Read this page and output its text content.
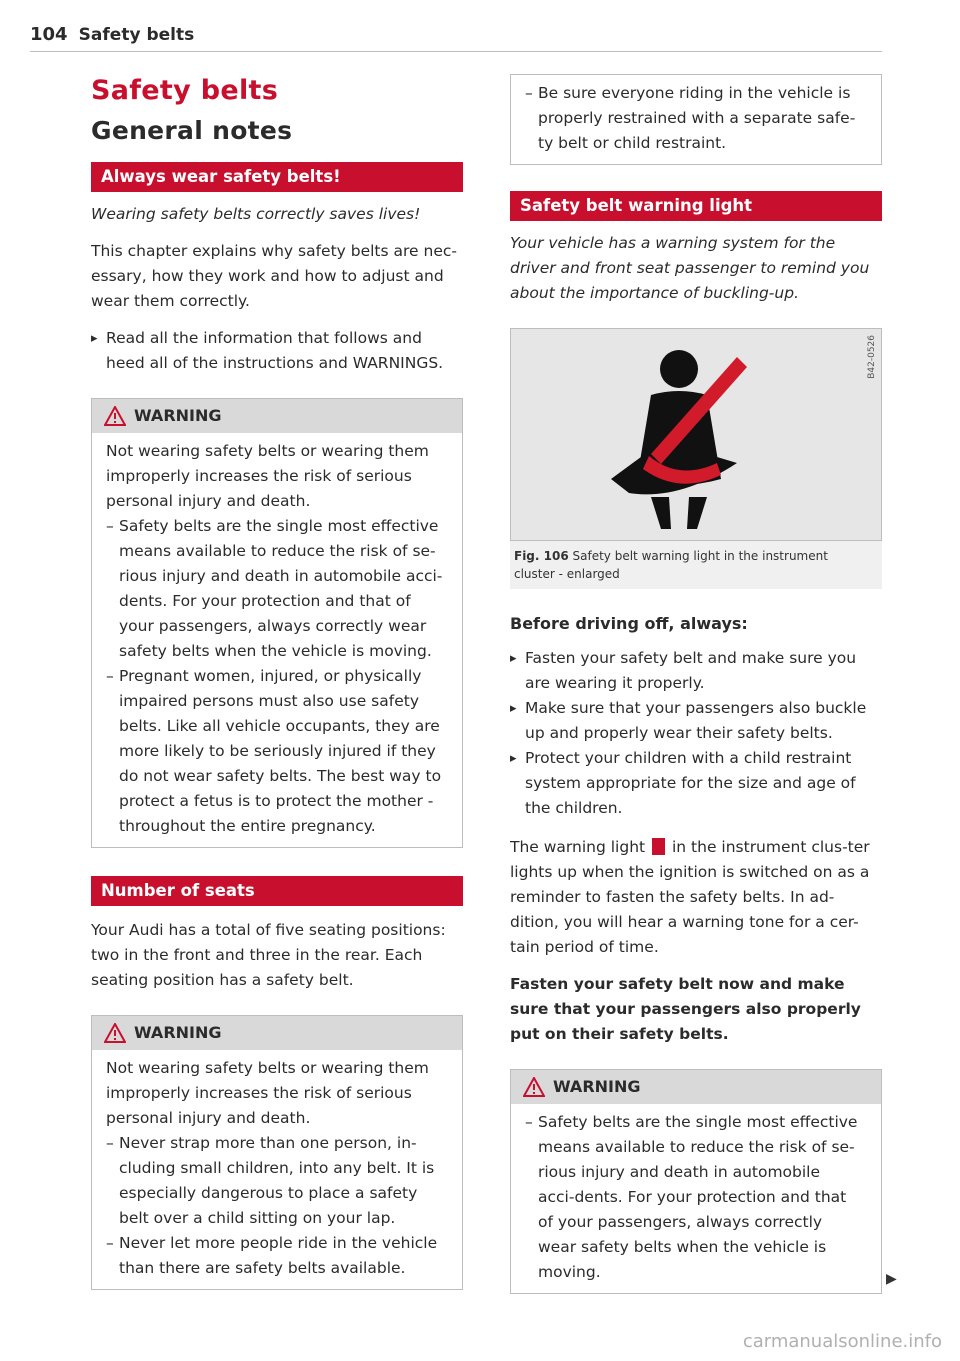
104 Safety belts
Safety belts
General notes
Always wear safety belts!

Wearing safety belts correctly saves lives!

This chapter explains why safety belts are nec-essary, how they work and how to adjust and wear them correctly.

▸ Read all the information that follows and heed all of the instructions and WARNINGS.
WARNING

Not wearing safety belts or wearing them improperly increases the risk of serious personal injury and death.

– Safety belts are the single most effective means available to reduce the risk of se-rious injury and death in automobile acci-dents. For your protection and that of your passengers, always correctly wear safety belts when the vehicle is moving.
– Pregnant women, injured, or physically impaired persons must also use safety belts. Like all vehicle occupants, they are more likely to be seriously injured if they do not wear safety belts. The best way to protect a fetus is to protect the mother -throughout the entire pregnancy.
Number of seats

Your Audi has a total of five seating positions: two in the front and three in the rear. Each seating position has a safety belt.

WARNING

Not wearing safety belts or wearing them improperly increases the risk of serious personal injury and death.

– Never strap more than one person, in-cluding small children, into any belt. It is especially dangerous to place a safety belt over a child sitting on your lap.
– Never let more people ride in the vehicle than there are safety belts available.
– Be sure everyone riding in the vehicle is properly restrained with a separate safe-ty belt or child restraint.
Safety belt warning light

Your vehicle has a warning system for the driver and front seat passenger to remind you about the importance of buckling-up.

B42-0526
Fig. 106 Safety belt warning light in the instrument cluster - enlarged
Before driving off, always:
▸ Fasten your safety belt and make sure you are wearing it properly.
▸ Make sure that your passengers also buckle up and properly wear their safety belts.
▸ Protect your children with a child restraint system appropriate for the size and age of the children.

The warning light in the instrument clus-ter lights up when the ignition is switched on as a reminder to fasten the safety belts. In ad-dition, you will hear a warning tone for a cer-tain period of time.

Fasten your safety belt now and make sure that your passengers also properly put on their safety belts.

WARNING
– Safety belts are the single most effective means available to reduce the risk of se-rious injury and death in automobile acci-dents. For your protection and that of your passengers, always correctly wear safety belts when the vehicle is moving.	▶
carmanualsonline.info
